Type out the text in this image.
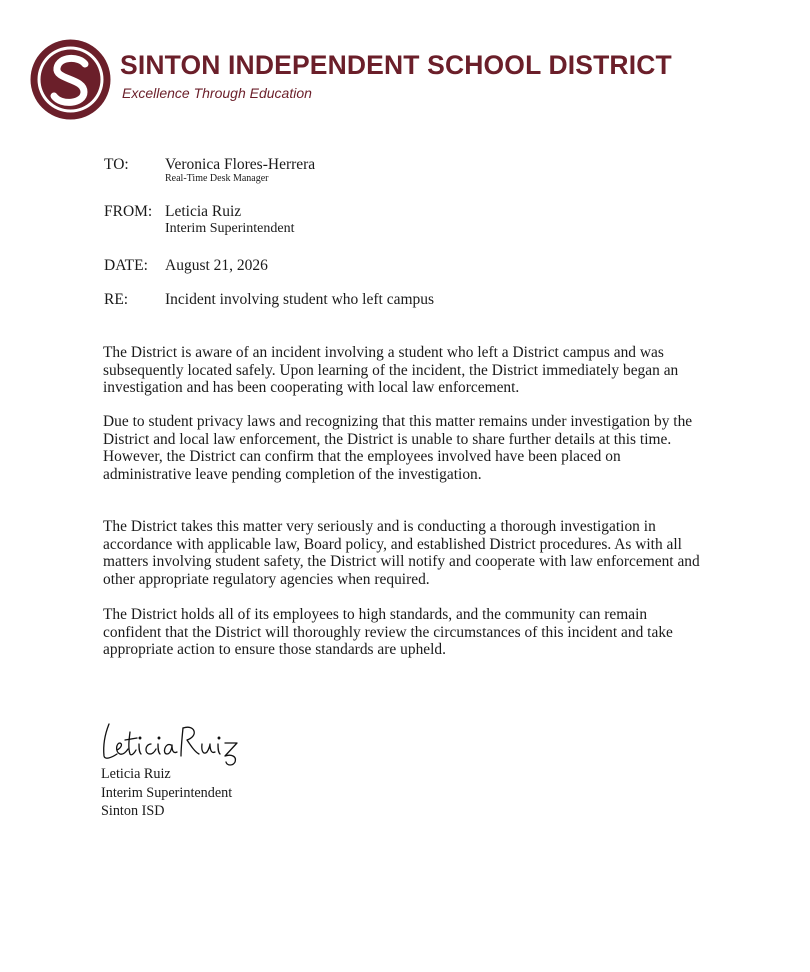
SINTON INDEPENDENT SCHOOL DISTRICT

Excellence Through Education

TO: Veronica Flores-Herrera

Real-Time Desk Manager

FROM: Leticia Ruiz

Interim Superintendent

DATE: August 21, 2026

RE: Incident involving student who left campus

The District is aware of an incident involving a student who left a District campus and was subsequently located safely. Upon learning of the incident, the District immediately began an investigation and has been cooperating with local law enforcement.

Due to student privacy laws and recognizing that this matter remains under investigation by the District and local law enforcement, the District is unable to share further details at this time. However, the District can confirm that the employees involved have been placed on administrative leave pending completion of the investigation.

The District takes this matter very seriously and is conducting a thorough investigation in accordance with applicable law, Board policy, and established District procedures. As with all matters involving student safety, the District will notify and cooperate with law enforcement and other appropriate regulatory agencies when required.

The District holds all of its employees to high standards, and the community can remain confident that the District will thoroughly review the circumstances of this incident and take appropriate action to ensure those standards are upheld.

Leticia Ruiz

Interim Superintendent

Sinton ISD
